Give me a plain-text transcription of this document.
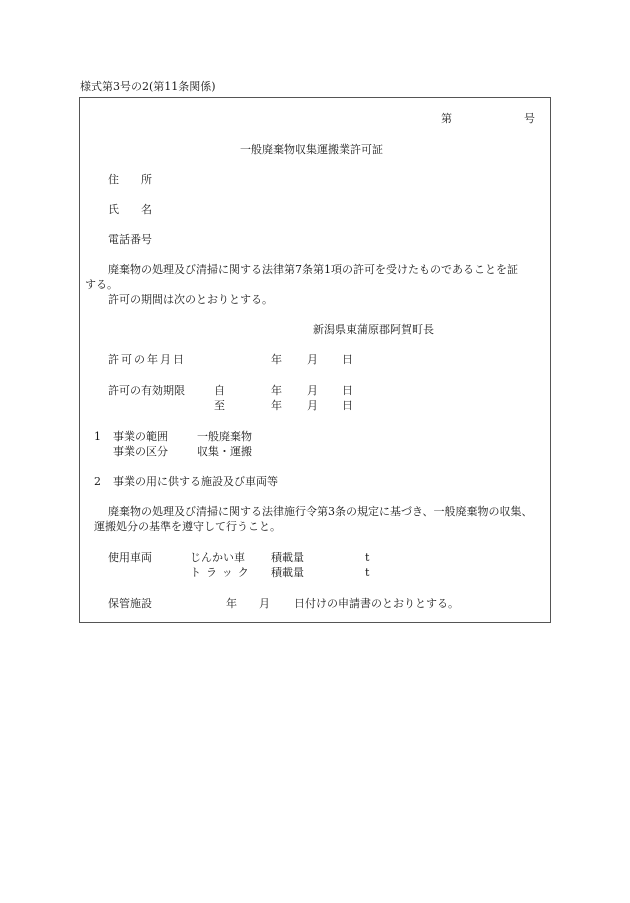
様式第3号の2(第11条関係)
第	号
一般廃棄物収集運搬業許可証
住　　所
氏　　名
電話番号
廃棄物の処理及び清掃に関する法律第7条第1項の許可を受けたものであることを証
する。
許可の期間は次のとおりとする。
新潟県東蒲原郡阿賀町長
許可の年月日	年 月 日
許可の有効期限	自	年 月 日
至	年 月 日
1 事業の範囲	一般廃棄物
事業の区分	収集・運搬
2 事業の用に供する施設及び車両等
廃棄物の処理及び清掃に関する法律施行令第3条の規定に基づき、一般廃棄物の収集、
運搬処分の基準を遵守して行うこと。
使用車両	じんかい車 積載量	t
トラック 積載量	t
保管施設	年 月 日付けの申請書のとおりとする。
